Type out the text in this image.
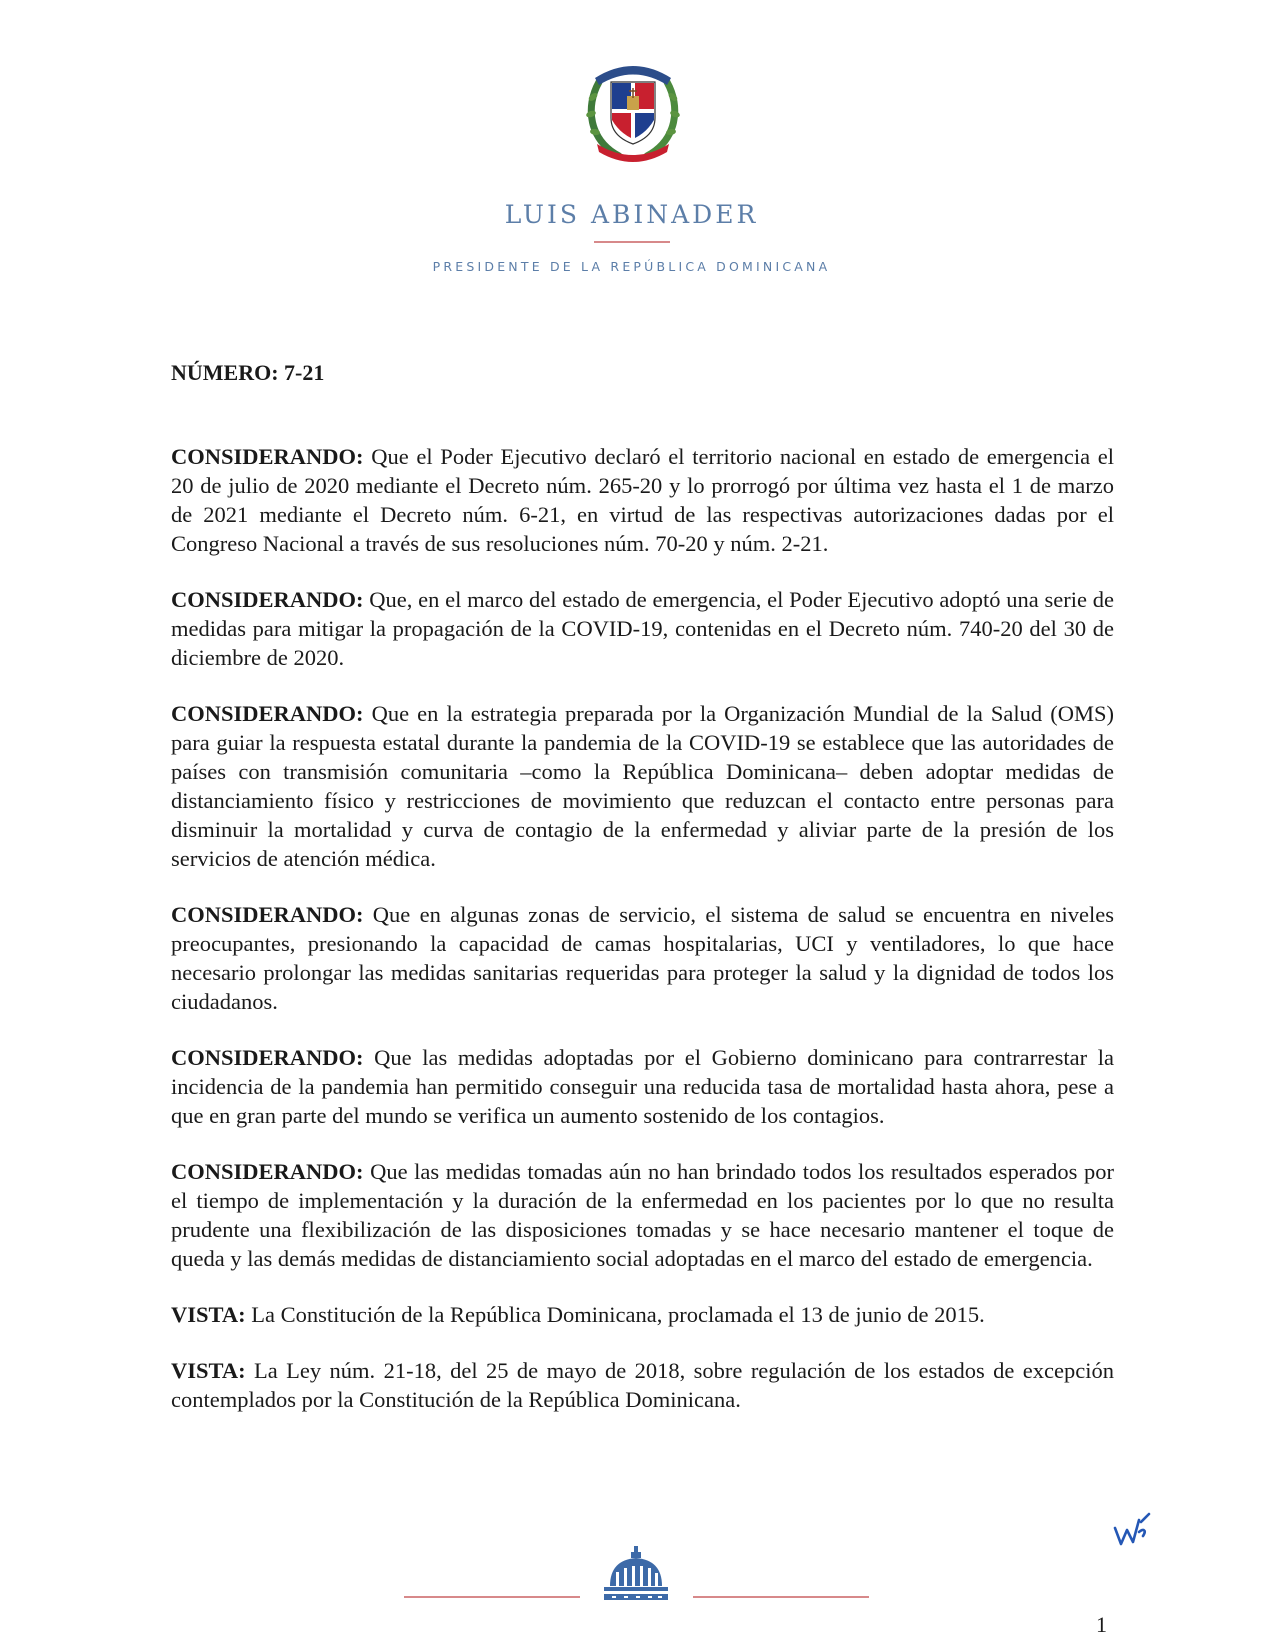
LUIS ABINADER
PRESIDENTE DE LA REPÚBLICA DOMINICANA
NÚMERO: 7-21

CONSIDERANDO: Que el Poder Ejecutivo declaró el territorio nacional en estado de emergencia el 20 de julio de 2020 mediante el Decreto núm. 265-20 y lo prorrogó por última vez hasta el 1 de marzo de 2021 mediante el Decreto núm. 6-21, en virtud de las respectivas autorizaciones dadas por el Congreso Nacional a través de sus resoluciones núm. 70-20 y núm. 2-21.

CONSIDERANDO: Que, en el marco del estado de emergencia, el Poder Ejecutivo adoptó una serie de medidas para mitigar la propagación de la COVID-19, contenidas en el Decreto núm. 740-20 del 30 de diciembre de 2020.

CONSIDERANDO: Que en la estrategia preparada por la Organización Mundial de la Salud (OMS) para guiar la respuesta estatal durante la pandemia de la COVID-19 se establece que las autoridades de países con transmisión comunitaria –como la República Dominicana– deben adoptar medidas de distanciamiento físico y restricciones de movimiento que reduzcan el contacto entre personas para disminuir la mortalidad y curva de contagio de la enfermedad y aliviar parte de la presión de los servicios de atención médica.

CONSIDERANDO: Que en algunas zonas de servicio, el sistema de salud se encuentra en niveles preocupantes, presionando la capacidad de camas hospitalarias, UCI y ventiladores, lo que hace necesario prolongar las medidas sanitarias requeridas para proteger la salud y la dignidad de todos los ciudadanos.

CONSIDERANDO: Que las medidas adoptadas por el Gobierno dominicano para contrarrestar la incidencia de la pandemia han permitido conseguir una reducida tasa de mortalidad hasta ahora, pese a que en gran parte del mundo se verifica un aumento sostenido de los contagios.

CONSIDERANDO: Que las medidas tomadas aún no han brindado todos los resultados esperados por el tiempo de implementación y la duración de la enfermedad en los pacientes por lo que no resulta prudente una flexibilización de las disposiciones tomadas y se hace necesario mantener el toque de queda y las demás medidas de distanciamiento social adoptadas en el marco del estado de emergencia.

VISTA: La Constitución de la República Dominicana, proclamada el 13 de junio de 2015.

VISTA: La Ley núm. 21-18, del 25 de mayo de 2018, sobre regulación de los estados de excepción contemplados por la Constitución de la República Dominicana.

1
